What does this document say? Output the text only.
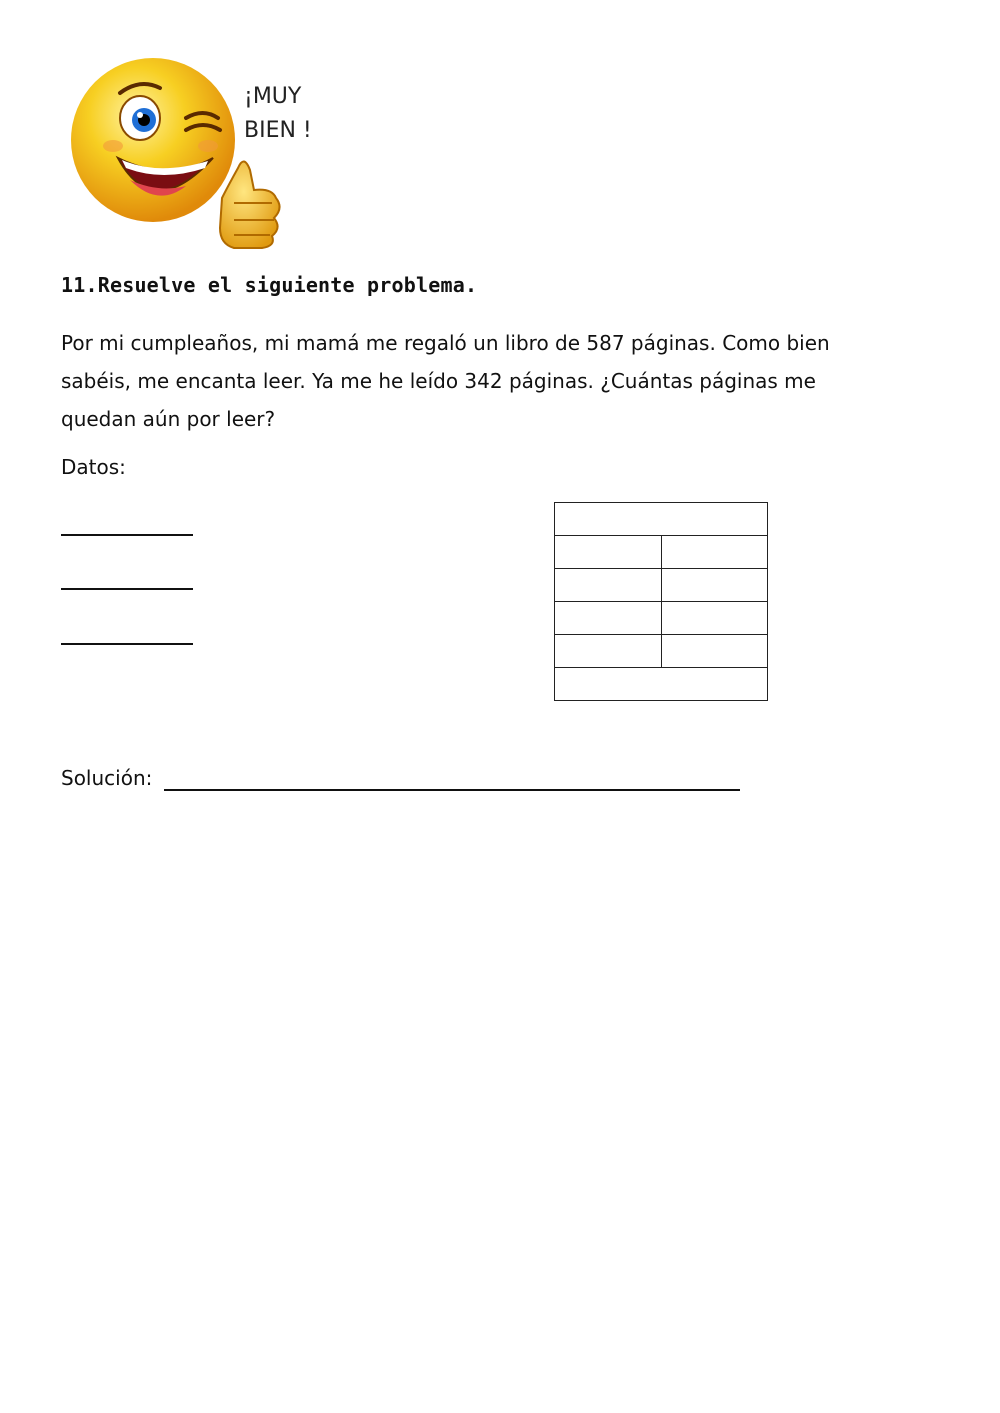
¡MUY
BIEN !
11.Resuelve el siguiente problema.
Por mi cumpleaños, mi mamá me regaló un libro de 587 páginas. Como bien sabéis, me encanta leer. Ya me he leído 342 páginas. ¿Cuántas páginas me quedan aún por leer?
Datos:

Solución:
